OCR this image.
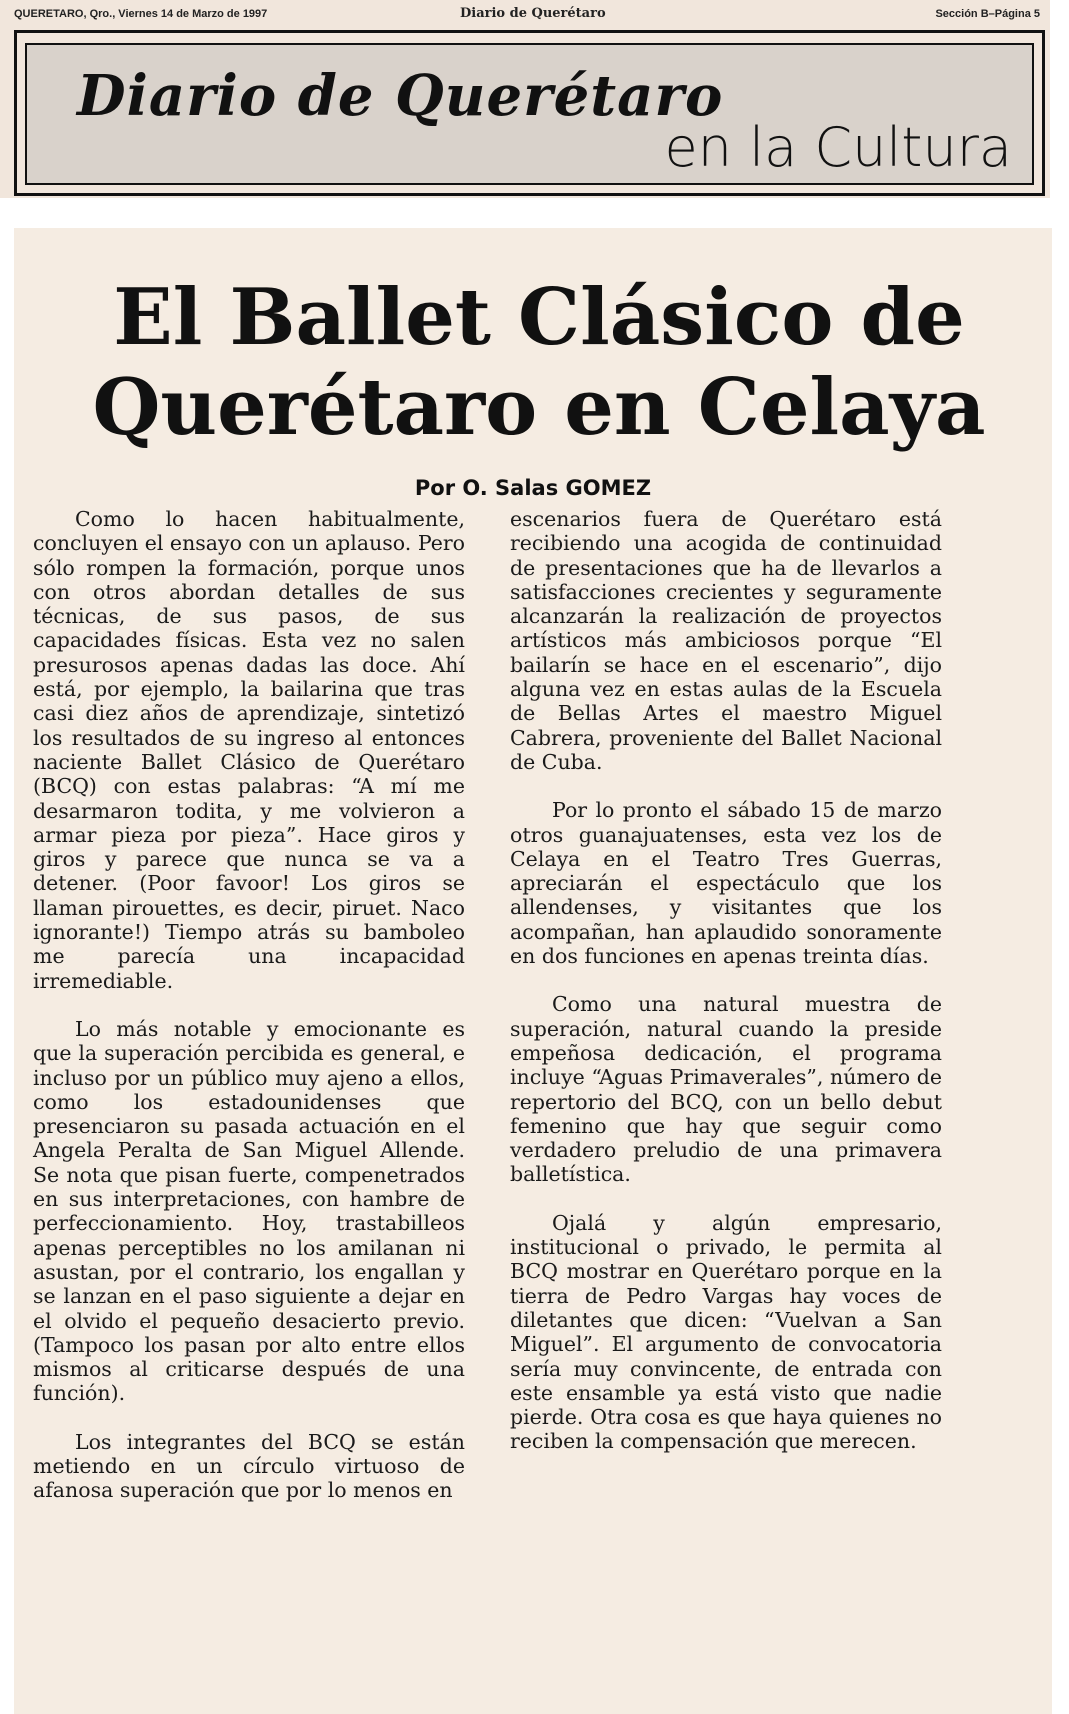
QUERETARO, Qro., Viernes 14 de Marzo de 1997	Diario de Querétaro	Sección B–Página 5
Diario de Querétaro
en la Cultura
El Ballet Clásico de Querétaro en Celaya
Por O. Salas GOMEZ

Como lo hacen habitualmente, concluyen el ensayo con un aplauso. Pero sólo rompen la formación, porque unos con otros abordan detalles de sus técnicas, de sus pasos, de sus capacidades físicas. Esta vez no salen presurosos apenas dadas las doce. Ahí está, por ejemplo, la bailarina que tras casi diez años de aprendizaje, sintetizó los resultados de su ingreso al entonces naciente Ballet Clásico de Querétaro (BCQ) con estas palabras: “A mí me desarmaron todita, y me volvieron a armar pieza por pieza”. Hace giros y giros y parece que nunca se va a detener. (Poor favoor! Los giros se llaman pirouettes, es decir, piruet. Naco ignorante!) Tiempo atrás su bamboleo me parecía una incapacidad irremediable.

Lo más notable y emocionante es que la superación percibida es general, e incluso por un público muy ajeno a ellos, como los estadounidenses que presenciaron su pasada actuación en el Angela Peralta de San Miguel Allende. Se nota que pisan fuerte, compenetrados en sus interpretaciones, con hambre de perfeccionamiento. Hoy, trastabilleos apenas perceptibles no los amilanan ni asustan, por el contrario, los engallan y se lanzan en el paso siguiente a dejar en el olvido el pequeño desacierto previo. (Tampoco los pasan por alto entre ellos mismos al criticarse después de una función).

Los integrantes del BCQ se están metiendo en un círculo virtuoso de afanosa superación que por lo menos en

escenarios fuera de Querétaro está recibiendo una acogida de continuidad de presentaciones que ha de llevarlos a satisfacciones crecientes y seguramente alcanzarán la realización de proyectos artísticos más ambiciosos porque “El bailarín se hace en el escenario”, dijo alguna vez en estas aulas de la Escuela de Bellas Artes el maestro Miguel Cabrera, proveniente del Ballet Nacional de Cuba.

Por lo pronto el sábado 15 de marzo otros guanajuatenses, esta vez los de Celaya en el Teatro Tres Guerras, apreciarán el espectáculo que los allendenses, y visitantes que los acompañan, han aplaudido sonoramente en dos funciones en apenas treinta días.

Como una natural muestra de superación, natural cuando la preside empeñosa dedicación, el programa incluye “Aguas Primaverales”, número de repertorio del BCQ, con un bello debut femenino que hay que seguir como verdadero preludio de una primavera balletística.

Ojalá y algún empresario, institucional o privado, le permita al BCQ mostrar en Querétaro porque en la tierra de Pedro Vargas hay voces de diletantes que dicen: “Vuelvan a San Miguel”. El argumento de convocatoria sería muy convincente, de entrada con este ensamble ya está visto que nadie pierde. Otra cosa es que haya quienes no reciben la compensación que merecen.
